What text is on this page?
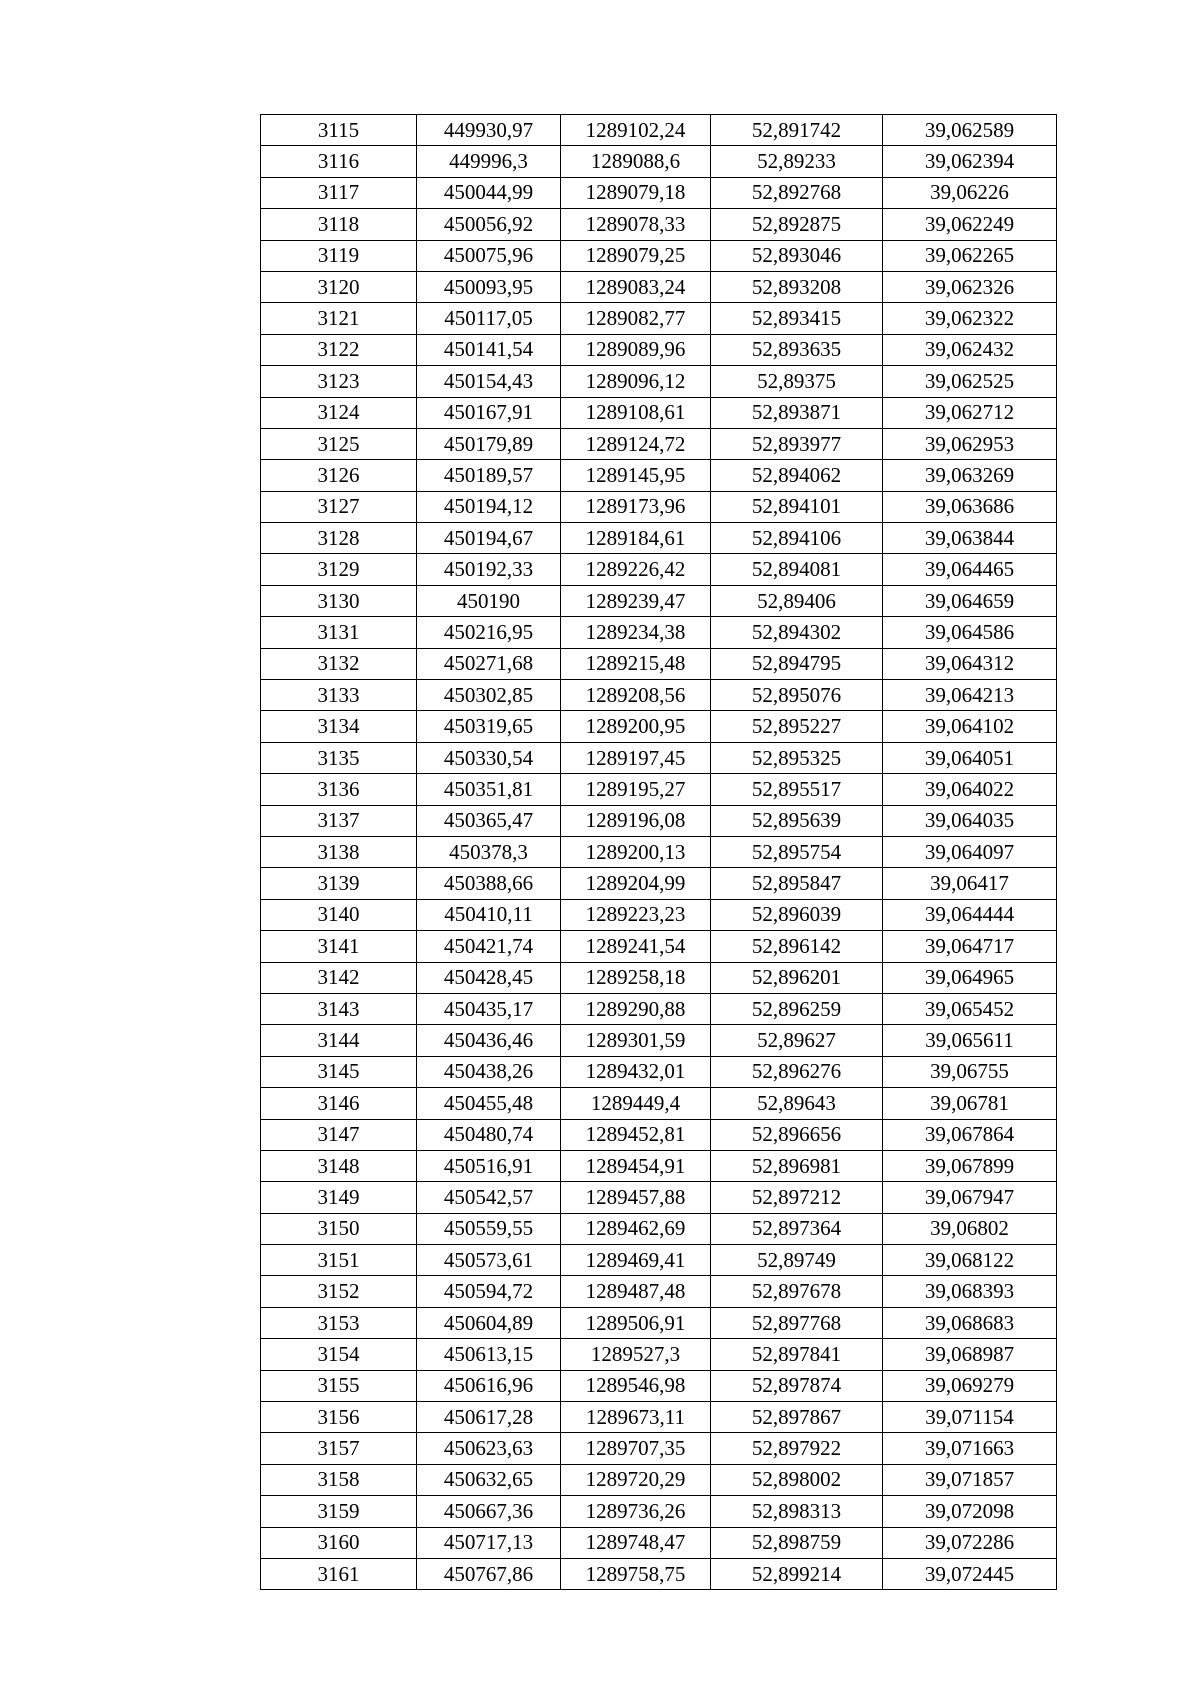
3115	449930,97	1289102,24	52,891742	39,062589
3116	449996,3	1289088,6	52,89233	39,062394
3117	450044,99	1289079,18	52,892768	39,06226
3118	450056,92	1289078,33	52,892875	39,062249
3119	450075,96	1289079,25	52,893046	39,062265
3120	450093,95	1289083,24	52,893208	39,062326
3121	450117,05	1289082,77	52,893415	39,062322
3122	450141,54	1289089,96	52,893635	39,062432
3123	450154,43	1289096,12	52,89375	39,062525
3124	450167,91	1289108,61	52,893871	39,062712
3125	450179,89	1289124,72	52,893977	39,062953
3126	450189,57	1289145,95	52,894062	39,063269
3127	450194,12	1289173,96	52,894101	39,063686
3128	450194,67	1289184,61	52,894106	39,063844
3129	450192,33	1289226,42	52,894081	39,064465
3130	450190	1289239,47	52,89406	39,064659
3131	450216,95	1289234,38	52,894302	39,064586
3132	450271,68	1289215,48	52,894795	39,064312
3133	450302,85	1289208,56	52,895076	39,064213
3134	450319,65	1289200,95	52,895227	39,064102
3135	450330,54	1289197,45	52,895325	39,064051
3136	450351,81	1289195,27	52,895517	39,064022
3137	450365,47	1289196,08	52,895639	39,064035
3138	450378,3	1289200,13	52,895754	39,064097
3139	450388,66	1289204,99	52,895847	39,06417
3140	450410,11	1289223,23	52,896039	39,064444
3141	450421,74	1289241,54	52,896142	39,064717
3142	450428,45	1289258,18	52,896201	39,064965
3143	450435,17	1289290,88	52,896259	39,065452
3144	450436,46	1289301,59	52,89627	39,065611
3145	450438,26	1289432,01	52,896276	39,06755
3146	450455,48	1289449,4	52,89643	39,06781
3147	450480,74	1289452,81	52,896656	39,067864
3148	450516,91	1289454,91	52,896981	39,067899
3149	450542,57	1289457,88	52,897212	39,067947
3150	450559,55	1289462,69	52,897364	39,06802
3151	450573,61	1289469,41	52,89749	39,068122
3152	450594,72	1289487,48	52,897678	39,068393
3153	450604,89	1289506,91	52,897768	39,068683
3154	450613,15	1289527,3	52,897841	39,068987
3155	450616,96	1289546,98	52,897874	39,069279
3156	450617,28	1289673,11	52,897867	39,071154
3157	450623,63	1289707,35	52,897922	39,071663
3158	450632,65	1289720,29	52,898002	39,071857
3159	450667,36	1289736,26	52,898313	39,072098
3160	450717,13	1289748,47	52,898759	39,072286
3161	450767,86	1289758,75	52,899214	39,072445
